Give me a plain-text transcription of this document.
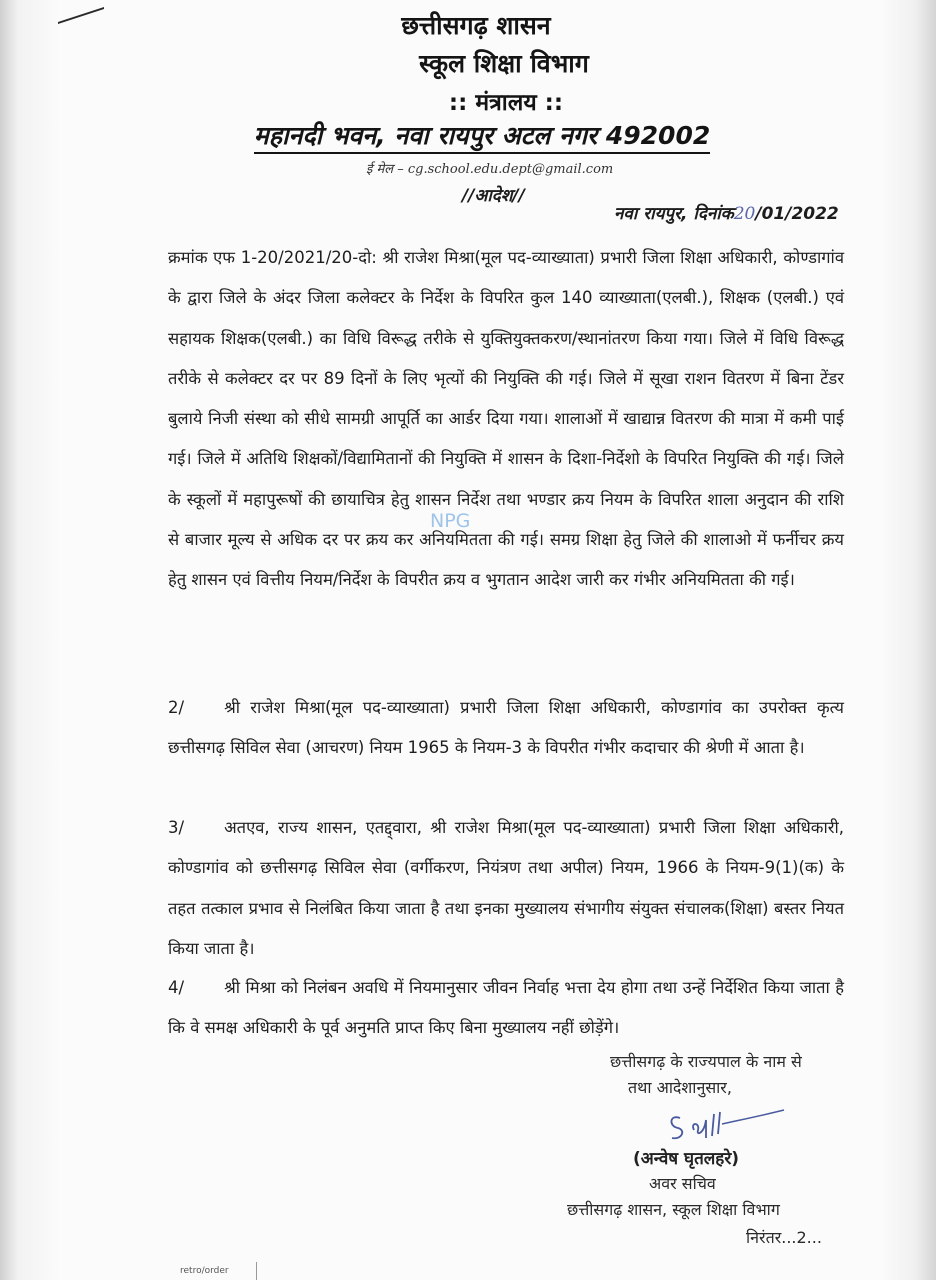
छत्तीसगढ़ शासन
स्कूल शिक्षा विभाग
:: मंत्रालय ::
महानदी भवन, नवा रायपुर अटल नगर 492002
ई मेल – cg.school.edu.dept@gmail.com
//आदेश//
नवा रायपुर, दिनांक20/01/2022

क्रमांक एफ 1-20/2021/20-दो: श्री राजेश मिश्रा(मूल पद-व्याख्याता) प्रभारी जिला शिक्षा अधिकारी, कोण्डागांव के द्वारा जिले के अंदर जिला कलेक्टर के निर्देश के विपरित कुल 140 व्याख्याता(एलबी.), शिक्षक (एलबी.) एवं सहायक शिक्षक(एलबी.) का विधि विरूद्ध तरीके से युक्तियुक्तकरण/स्थानांतरण किया गया। जिले में विधि विरूद्ध तरीके से कलेक्टर दर पर 89 दिनों के लिए भृत्यों की नियुक्ति की गई। जिले में सूखा राशन वितरण में बिना टेंडर बुलाये निजी संस्था को सीधे सामग्री आपूर्ति का आर्डर दिया गया। शालाओं में खाद्यान्न वितरण की मात्रा में कमी पाई गई। जिले में अतिथि शिक्षकों/विद्यामितानों की नियुक्ति में शासन के दिशा-निर्देशो के विपरित नियुक्ति की गई। जिले के स्कूलों में महापुरूषों की छायाचित्र हेतु शासन निर्देश तथा भण्डार क्रय नियम के विपरित शाला अनुदान की राशि से बाजार मूल्य से अधिक दर पर क्रय कर अनियमितता की गई। समग्र शिक्षा हेतु जिले की शालाओ में फर्नीचर क्रय हेतु शासन एवं वित्तीय नियम/निर्देश के विपरीत क्रय व भुगतान आदेश जारी कर गंभीर अनियमितता की गई।

NPG

2/ श्री राजेश मिश्रा(मूल पद-व्याख्याता) प्रभारी जिला शिक्षा अधिकारी, कोण्डागांव का उपरोक्त कृत्य छत्तीसगढ़ सिविल सेवा (आचरण) नियम 1965 के नियम-3 के विपरीत गंभीर कदाचार की श्रेणी में आता है।

3/ अतएव, राज्य शासन, एतद्द्वारा, श्री राजेश मिश्रा(मूल पद-व्याख्याता) प्रभारी जिला शिक्षा अधिकारी, कोण्डागांव को छत्तीसगढ़ सिविल सेवा (वर्गीकरण, नियंत्रण तथा अपील) नियम, 1966 के नियम-9(1)(क) के तहत तत्काल प्रभाव से निलंबित किया जाता है तथा इनका मुख्यालय संभागीय संयुक्त संचालक(शिक्षा) बस्तर नियत किया जाता है।

4/ श्री मिश्रा को निलंबन अवधि में नियमानुसार जीवन निर्वाह भत्ता देय होगा तथा उन्हें निर्देशित किया जाता है कि वे समक्ष अधिकारी के पूर्व अनुमति प्राप्त किए बिना मुख्यालय नहीं छोड़ेंगे।

छत्तीसगढ़ के राज्यपाल के नाम से
तथा आदेशानुसार,
(अन्वेष घृतलहरे)
अवर सचिव
छत्तीसगढ़ शासन, स्कूल शिक्षा विभाग
निरंतर...2...
retro/order
